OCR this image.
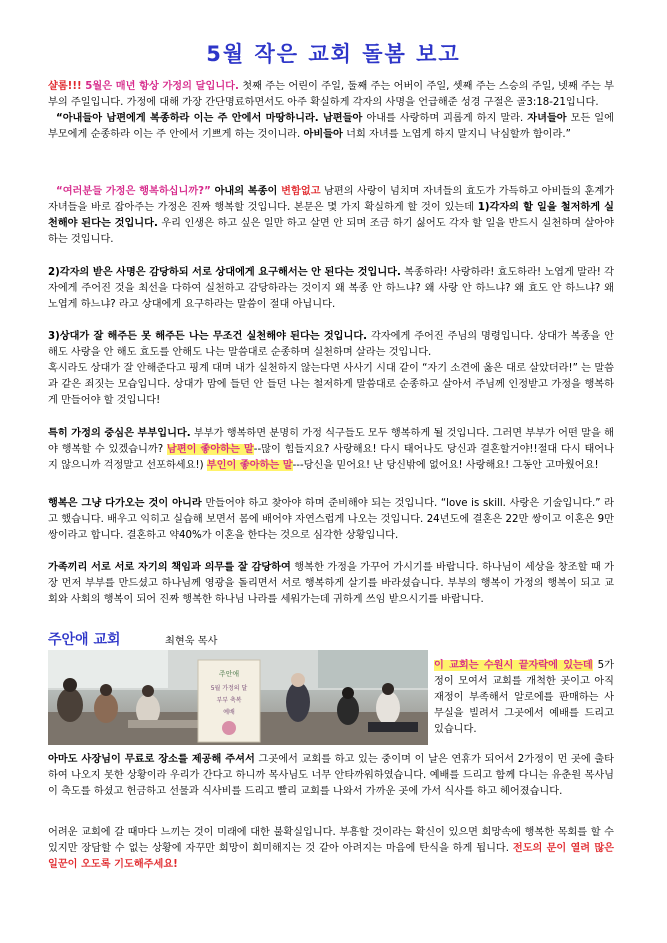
5월 작은 교회 돌봄 보고
샬롬!!! 5월은 매년 항상 가정의 달입니다. 첫째 주는 어린이 주일, 둘째 주는 어버이 주일, 셋째 주는 스승의 주일, 넷째 주는 부부의 주일입니다. 가정에 대해 가장 간단명료하면서도 아주 확실하게 각자의 사명을 언급해준 성경 구절은 골3:18-21입니다.
“아내들아 남편에게 복종하라 이는 주 안에서 마땅하니라. 남편들아 아내를 사랑하며 괴롭게 하지 말라. 자녀들아 모든 일에 부모에게 순종하라 이는 주 안에서 기쁘게 하는 것이니라. 아비들아 너희 자녀를 노엽게 하지 말지니 낙심할까 함이라.”
“여러분들 가정은 행복하십니까?” 아내의 복종이 변함없고 남편의 사랑이 넘치며 자녀들의 효도가 가득하고 아비들의 훈계가 자녀들을 바로 잡아주는 가정은 진짜 행복할 것입니다. 본문은 몇 가지 확실하게 할 것이 있는데 1)각자의 할 일을 철저하게 실천해야 된다는 것입니다. 우리 인생은 하고 싶은 일만 하고 살면 안 되며 조금 하기 싫어도 각자 할 일을 반드시 실천하며 살아야 하는 것입니다.
2)각자의 받은 사명은 감당하되 서로 상대에게 요구해서는 안 된다는 것입니다. 복종하라! 사랑하라! 효도하라! 노엽게 말라! 각자에게 주어진 것을 최선을 다하여 실천하고 감당하라는 것이지 왜 복종 안 하느냐? 왜 사랑 안 하느냐? 왜 효도 안 하느냐? 왜 노엽게 하느냐? 라고 상대에게 요구하라는 말씀이 절대 아닙니다.
3)상대가 잘 해주든 못 해주든 나는 무조건 실천해야 된다는 것입니다. 각자에게 주어진 주님의 명령입니다. 상대가 복종을 안 해도 사랑을 안 해도 효도를 안해도 나는 말씀대로 순종하며 실천하며 살라는 것입니다.
혹시라도 상대가 잘 안해준다고 핑계 대며 내가 실천하지 않는다면 사사기 시대 같이 “자기 소견에 옳은 대로 살았더라!” 는 말씀과 같은 죄짓는 모습입니다. 상대가 맘에 들던 안 들던 나는 철저하게 말씀대로 순종하고 살아서 주님께 인정받고 가정을 행복하게 만들어야 할 것입니다!
특히 가정의 중심은 부부입니다. 부부가 행복하면 분명히 가정 식구들도 모두 행복하게 될 것입니다. 그러면 부부가 어떤 말을 해야 행복할 수 있겠습니까? 남편이 좋아하는 말--많이 힘들지요? 사랑해요! 다시 태어나도 당신과 결혼할거야!!절대 다시 태어나지 않으니까 걱정말고 선포하세요!) 부인이 좋아하는 말---당신을 믿어요! 난 당신밖에 없어요! 사랑해요! 그동안 고마웠어요!
행복은 그냥 다가오는 것이 아니라 만들어야 하고 찾아야 하며 준비해야 되는 것입니다. “love is skill. 사랑은 기술입니다.” 라고 했습니다. 배우고 익히고 실습해 보면서 몸에 배어야 자연스럽게 나오는 것입니다. 24년도에 결혼은 22만 쌍이고 이혼은 9만 쌍이라고 합니다. 결혼하고 약40%가 이혼을 한다는 것으로 심각한 상황입니다.
가족끼리 서로 서로 자기의 책임과 의무를 잘 감당하여 행복한 가정을 가꾸어 가시기를 바랍니다. 하나님이 세상을 창조할 때 가장 먼저 부부를 만드셨고 하나님께 영광을 돌리면서 서로 행복하게 살기를 바라셨습니다. 부부의 행복이 가정의 행복이 되고 교회와 사회의 행복이 되어 진짜 행복한 하나님 나라를 세워가는데 귀하게 쓰임 받으시기를 바랍니다.
주안애 교회	최현욱 목사
주안애
5월 가정의 달
부부 축복
예배
이 교회는 수원시 끝자락에 있는데 5가정이 모여서 교회를 개척한 곳이고 아직 재정이 부족해서 알로에를 판매하는 사무실을 빌려서 그곳에서 예배를 드리고 있습니다.
아마도 사장님이 무료로 장소를 제공해 주셔서 그곳에서 교회를 하고 있는 중이며 이 날은 연휴가 되어서 2가정이 먼 곳에 출타하여 나오지 못한 상황이라 우리가 간다고 하니까 목사님도 너무 안타까워하였습니다. 예배를 드리고 함께 다니는 유춘원 목사님이 축도를 하셨고 헌금하고 선물과 식사비를 드리고 빨리 교회를 나와서 가까운 곳에 가서 식사를 하고 헤어졌습니다.
어려운 교회에 갈 때마다 느끼는 것이 미래에 대한 불확실입니다. 부흥할 것이라는 확신이 있으면 희망속에 행복한 목회를 할 수 있지만 장담할 수 없는 상황에 자꾸만 희망이 희미해지는 것 같아 아려지는 마음에 탄식을 하게 됩니다. 전도의 문이 열려 많은 일꾼이 오도록 기도해주세요!
